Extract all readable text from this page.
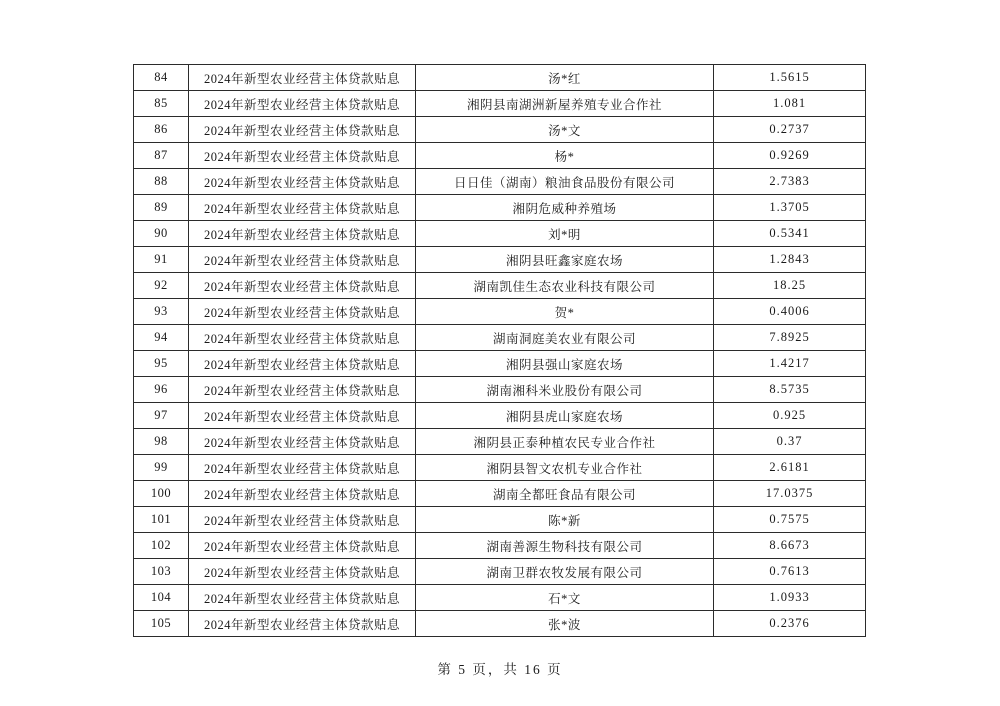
84	2024年新型农业经营主体贷款贴息	汤*红	1.5615
85	2024年新型农业经营主体贷款贴息	湘阴县南湖洲新屋养殖专业合作社	1.081
86	2024年新型农业经营主体贷款贴息	汤*文	0.2737
87	2024年新型农业经营主体贷款贴息	杨*	0.9269
88	2024年新型农业经营主体贷款贴息	日日佳（湖南）粮油食品股份有限公司	2.7383
89	2024年新型农业经营主体贷款贴息	湘阴危威种养殖场	1.3705
90	2024年新型农业经营主体贷款贴息	刘*明	0.5341
91	2024年新型农业经营主体贷款贴息	湘阴县旺鑫家庭农场	1.2843
92	2024年新型农业经营主体贷款贴息	湖南凯佳生态农业科技有限公司	18.25
93	2024年新型农业经营主体贷款贴息	贺*	0.4006
94	2024年新型农业经营主体贷款贴息	湖南洞庭美农业有限公司	7.8925
95	2024年新型农业经营主体贷款贴息	湘阴县强山家庭农场	1.4217
96	2024年新型农业经营主体贷款贴息	湖南湘科米业股份有限公司	8.5735
97	2024年新型农业经营主体贷款贴息	湘阴县虎山家庭农场	0.925
98	2024年新型农业经营主体贷款贴息	湘阴县正泰种植农民专业合作社	0.37
99	2024年新型农业经营主体贷款贴息	湘阴县智文农机专业合作社	2.6181
100	2024年新型农业经营主体贷款贴息	湖南全都旺食品有限公司	17.0375
101	2024年新型农业经营主体贷款贴息	陈*新	0.7575
102	2024年新型农业经营主体贷款贴息	湖南善源生物科技有限公司	8.6673
103	2024年新型农业经营主体贷款贴息	湖南卫群农牧发展有限公司	0.7613
104	2024年新型农业经营主体贷款贴息	石*文	1.0933
105	2024年新型农业经营主体贷款贴息	张*波	0.2376
第 5 页，共 16 页
